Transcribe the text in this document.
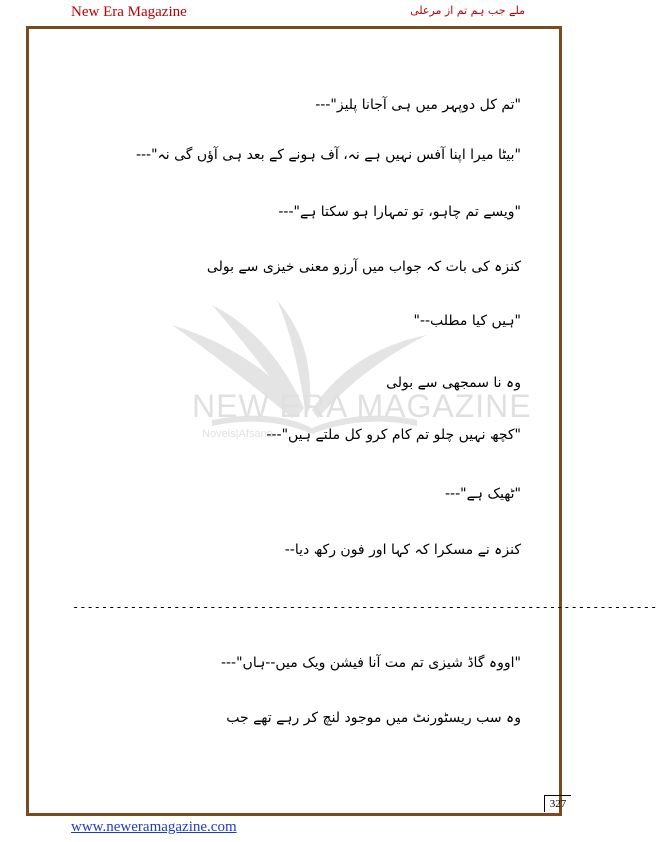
New Era Magazine	ملے جب ہم تم از مرعلی
NEW ERA MAGAZINE
Novels|Afsana
"تم کل دوپہر میں ہی آجانا پلیز"---
"بیٹا میرا اپنا آفس نہیں ہے نہ، آف ہونے کے بعد ہی آؤں گی نہ"---
"ویسے تم چاہو، تو تمہارا ہو سکتا ہے"---
کنزہ کی بات کہ جواب میں آرزو معنی خیزی سے بولی
"ہیں کیا مطلب--"
وہ نا سمجھی سے بولی
"کچھ نہیں چلو تم کام کرو کل ملتے ہیں"---
"ٹھیک ہے"---
کنزہ نے مسکرا کہ کہا اور فون رکھ دیا--
---------------------------------------------------------------------------------
"اووہ گاڈ شیزی تم مت آنا فیشن ویک میں--ہاں"---
وہ سب ریسٹورنٹ میں موجود لنچ کر رہے تھے جب
327
www.neweramagazine.com
